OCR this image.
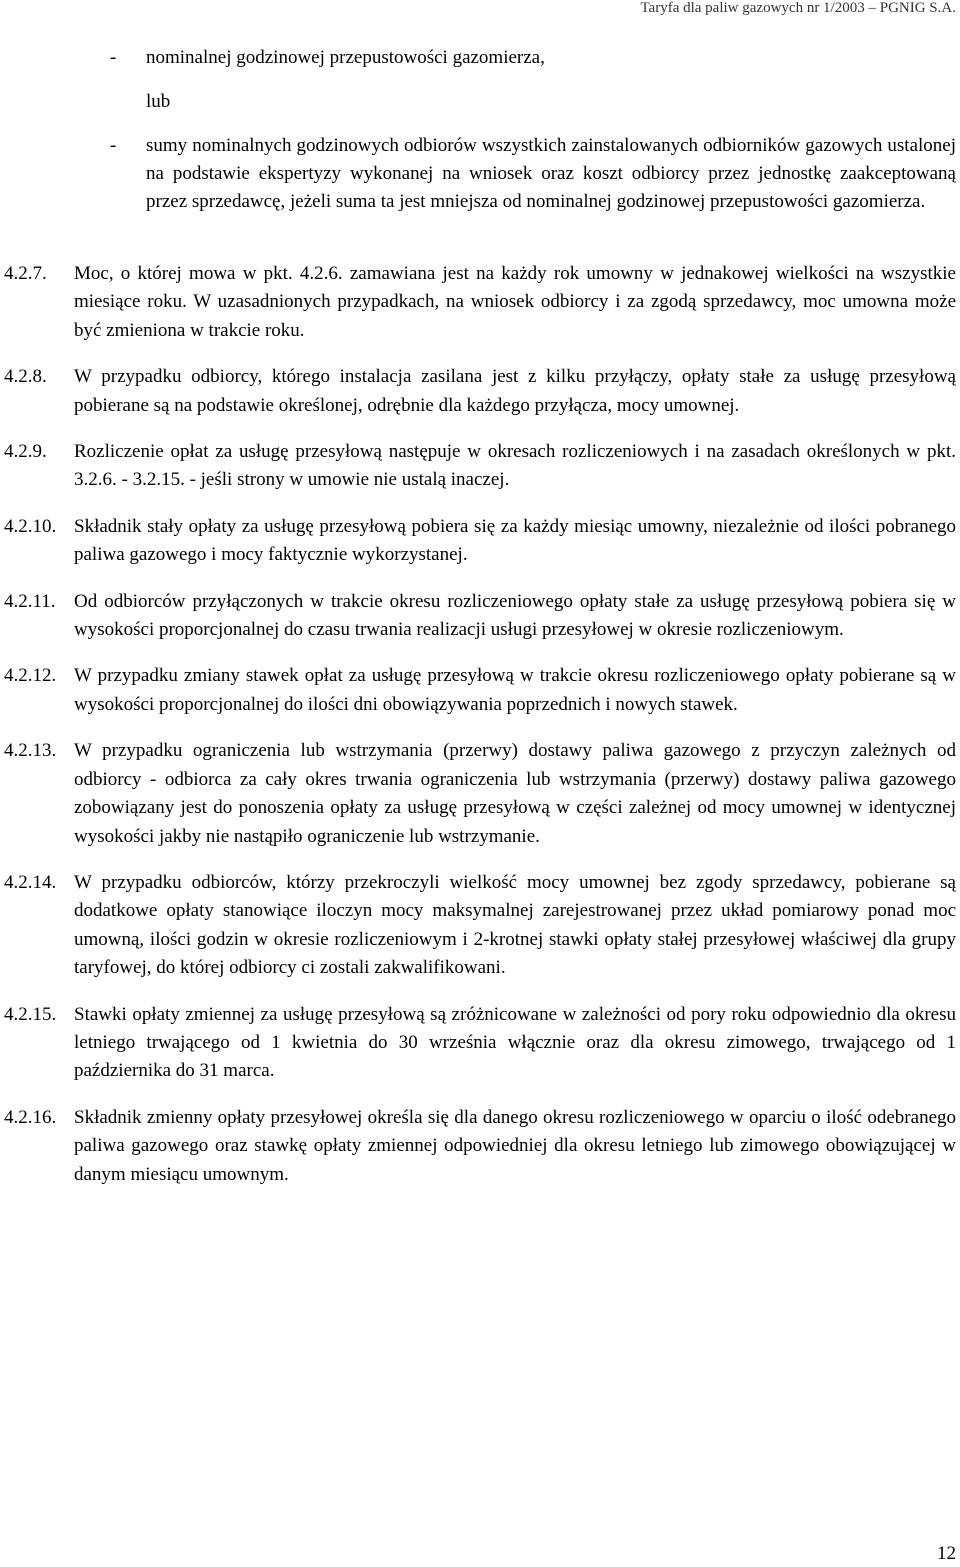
Taryfa dla paliw gazowych nr 1/2003 – PGNIG S.A.
- nominalnej godzinowej przepustowości gazomierza,
lub
- sumy nominalnych godzinowych odbiorów wszystkich zainstalowanych odbiorników gazowych ustalonej na podstawie ekspertyzy wykonanej na wniosek oraz koszt odbiorcy przez jednostkę zaakceptowaną przez sprzedawcę, jeżeli suma ta jest mniejsza od nominalnej godzinowej przepustowości gazomierza.
4.2.7.	Moc, o której mowa w pkt. 4.2.6. zamawiana jest na każdy rok umowny w jednakowej wielkości na wszystkie miesiące roku. W uzasadnionych przypadkach, na wniosek odbiorcy i za zgodą sprzedawcy, moc umowna może być zmieniona w trakcie roku.
4.2.8.	W przypadku odbiorcy, którego instalacja zasilana jest z kilku przyłączy, opłaty stałe za usługę przesyłową pobierane są na podstawie określonej, odrębnie dla każdego przyłącza, mocy umownej.
4.2.9.	Rozliczenie opłat za usługę przesyłową następuje w okresach rozliczeniowych i na zasadach określonych w pkt. 3.2.6. - 3.2.15. - jeśli strony w umowie nie ustalą inaczej.
4.2.10. Składnik stały opłaty za usługę przesyłową pobiera się za każdy miesiąc umowny, niezależnie od ilości pobranego paliwa gazowego i mocy faktycznie wykorzystanej.
4.2.11. Od odbiorców przyłączonych w trakcie okresu rozliczeniowego opłaty stałe za usługę przesyłową pobiera się w wysokości proporcjonalnej do czasu trwania realizacji usługi przesyłowej w okresie rozliczeniowym.
4.2.12. W przypadku zmiany stawek opłat za usługę przesyłową w trakcie okresu rozliczeniowego opłaty pobierane są w wysokości proporcjonalnej do ilości dni obowiązywania poprzednich i nowych stawek.
4.2.13. W przypadku ograniczenia lub wstrzymania (przerwy) dostawy paliwa gazowego z przyczyn zależnych od odbiorcy - odbiorca za cały okres trwania ograniczenia lub wstrzymania (przerwy) dostawy paliwa gazowego zobowiązany jest do ponoszenia opłaty za usługę przesyłową w części zależnej od mocy umownej w identycznej wysokości jakby nie nastąpiło ograniczenie lub wstrzymanie.
4.2.14. W przypadku odbiorców, którzy przekroczyli wielkość mocy umownej bez zgody sprzedawcy, pobierane są dodatkowe opłaty stanowiące iloczyn mocy maksymalnej zarejestrowanej przez układ pomiarowy ponad moc umowną, ilości godzin w okresie rozliczeniowym i 2-krotnej stawki opłaty stałej przesyłowej właściwej dla grupy taryfowej, do której odbiorcy ci zostali zakwalifikowani.
4.2.15. Stawki opłaty zmiennej za usługę przesyłową są zróżnicowane w zależności od pory roku odpowiednio dla okresu letniego trwającego od 1 kwietnia do 30 września włącznie oraz dla okresu zimowego, trwającego od 1 października do 31 marca.
4.2.16. Składnik zmienny opłaty przesyłowej określa się dla danego okresu rozliczeniowego w oparciu o ilość odebranego paliwa gazowego oraz stawkę opłaty zmiennej odpowiedniej dla okresu letniego lub zimowego obowiązującej w danym miesiącu umownym.
12
